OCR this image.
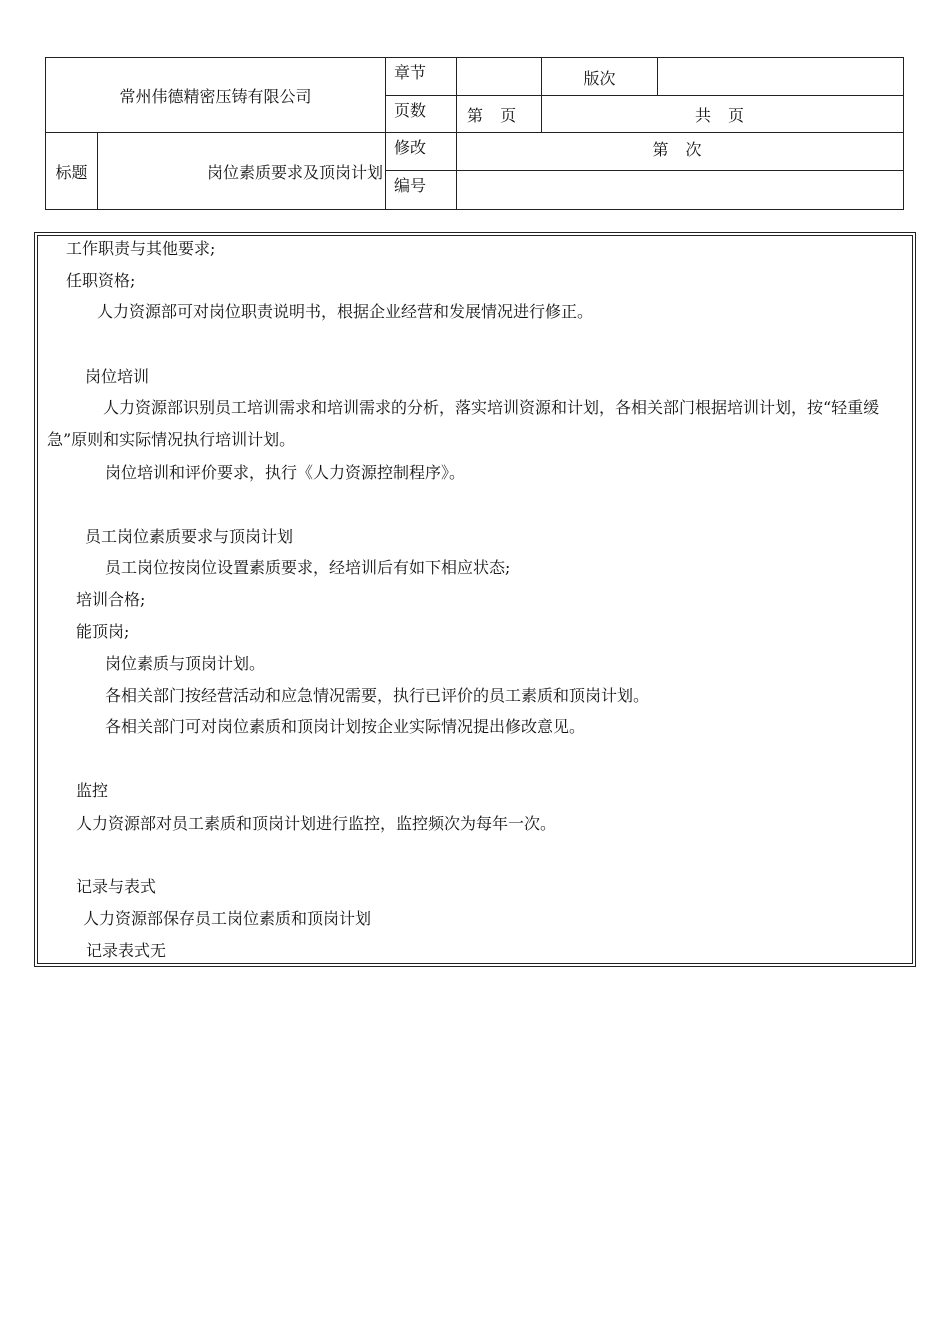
常州伟德精密压铸有限公司		章节		版次	
		页数	第 页	共 页	
标题	岗位素质要求及顶岗计划	修改	第 次		
		编号			
工作职责与其他要求;
任职资格;
人力资源部可对岗位职责说明书，根据企业经营和发展情况进行修正。
岗位培训
人力资源部识别员工培训需求和培训需求的分析，落实培训资源和计划，各相关部门根据培训计划，按“轻重缓急”原则和实际情况执行培训计划。
岗位培训和评价要求，执行《人力资源控制程序》。
员工岗位素质要求与顶岗计划
员工岗位按岗位设置素质要求，经培训后有如下相应状态;
培训合格;
能顶岗;
岗位素质与顶岗计划。
各相关部门按经营活动和应急情况需要，执行已评价的员工素质和顶岗计划。
各相关部门可对岗位素质和顶岗计划按企业实际情况提出修改意见。
监控
人力资源部对员工素质和顶岗计划进行监控，监控频次为每年一次。
记录与表式
人力资源部保存员工岗位素质和顶岗计划
记录表式无
